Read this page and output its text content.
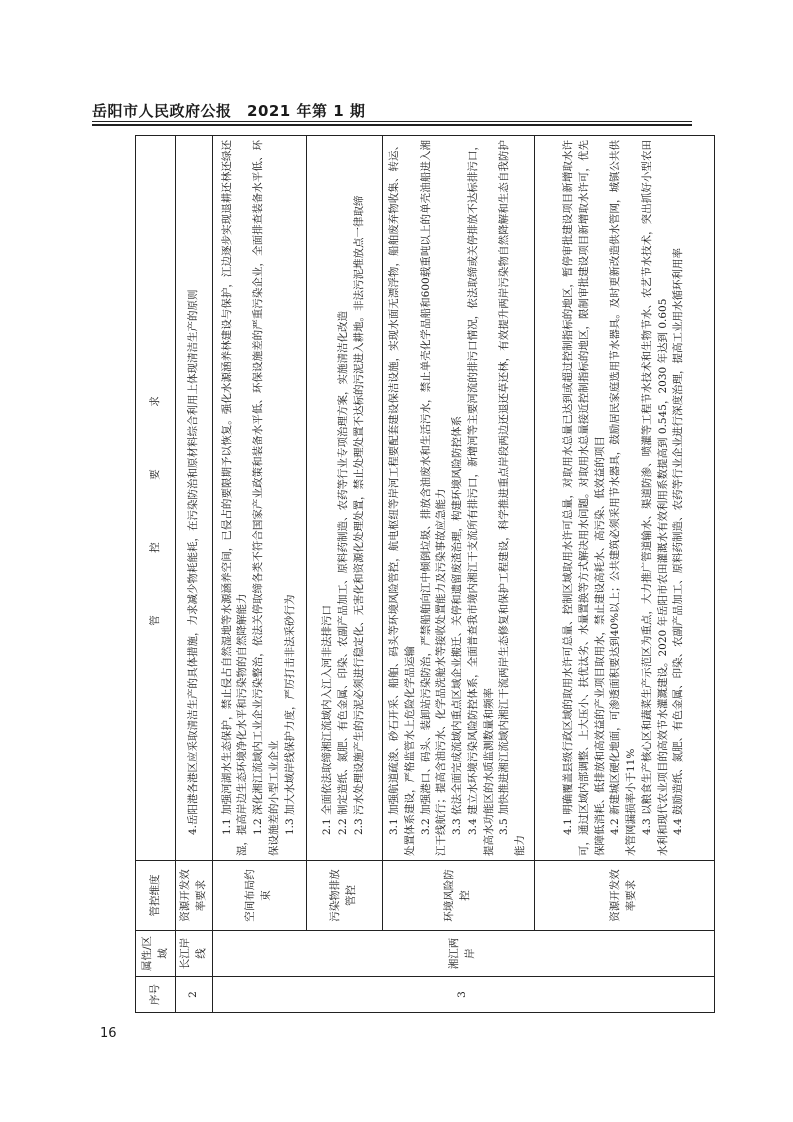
岳阳市人民政府公报　2021 年第 1 期
序号	属性/区域	管控维度	管　控　要　求
2	长江岸线	资源开发效率要求	4.岳阳港各港区应采取清洁生产的具体措施，力求减少物耗能耗，在污染防治和原材料综合利用上体现清洁生产的原则

3	湘江两岸	空间布局约束	1.1 加强河湖水生态保护，禁止侵占自然湿地等水源涵养空间，已侵占的要限期予以恢复。强化水源涵养林建设与保护，江边逐步实现退耕还林还绿还湿，提高岸边生态环境净化水平和污染物的自然降解能力 1.2 深化湘江流域内工业企业污染整治，依法关停取缔各类不符合国家产业政策和装备水平低、环保设施差的严重污染企业，全面排查装备水平低、环保设施差的小型工业企业 1.3 加大水域岸线保护力度，严厉打击非法采砂行为

		污染物排放管控	2.1 全面依法取缔湘江流域内入江入河非法排污口 2.2 制定造纸、氮肥、有色金属、印染、农副产品加工、原料药制造、农药等行业专项治理方案，实施清洁化改造 2.3 污水处理设施产生的污泥必须进行稳定化、无害化和资源化处理处置，禁止处理处置不达标的污泥进入耕地。非法污泥堆放点一律取缔

		环境风险防控	3.1 加强航道疏浚、砂石开采、船舶、码头等环境风险管控，航电枢纽等岸河工程要配套建设保洁设施，实现水面无漂浮物，船舶废弃物收集、转运、处置体系建设，严格监管水上危险化学品运输 3.2 加强港口、码头、装卸站污染防治，严禁船舶向江中倾倒垃圾、排放含油废水和生活污水，禁止单壳化学品船和600载重吨以上的单壳油船进入湘江干线航行；提高含油污水、化学品洗舱水等接收处置能力及污染事故应急能力 3.3 依法全面完成流域内重点区域企业搬迁、关停和遗留废渣治理，构建环境风险防控体系 3.4 建立水环境污染风险防控体系，全面普查我市境内湘江干支流所有排污口，新增河等主要河流的排污口情况，依法取缔或关停排放不达标排污口，提高水功能区的水质监测数量和频率 3.5 加快推进湘江流域内湘江干流两岸生态修复和保护工程建设，科学推进重点岸段两边还退还草还林，有效提升两岸污染物自然降解和生态自我防护能力

		资源开发效率要求	4.1 明确覆盖县级行政区域的取用水许可总量、控制区域取用水许可总量，对取用水总量已达到或超过控制指标的地区，暂停审批建设项目新增取水许可，通过区域内部调整、上大压小、扶优汰劣、水量置换等方式解决用水问题。对取用水总量接近控制指标的地区，限制审批建设项目新增取水许可，优先保障低消耗、低排放和高效益的产业项目取用水，禁止建设高耗水、高污染、低效益的项目 4.2 新建城区硬化地面，可渗透面积要达到40%以上；公共建筑必须采用节水器具，鼓励居民家庭选用节水器具。及时更新改造供水管网，城镇公共供水管网漏损率小于11% 4.3 以粮食生产核心区和蔬菜生产示范区为重点，大力推广管道输水、渠道防渗、喷灌等工程节水技术和生物节水、农艺节水技术，突出抓好小型农田水利和现代农业项目的高效节水灌溉建设。2020 年岳阳市农田灌溉水有效利用系数提高到 0.545，2030 年达到 0.605 4.4 鼓励造纸、氮肥、有色金属、印染、农副产品加工、原料药制造、农药等行业企业进行深度治理，提高工业用水循环利用率

16
